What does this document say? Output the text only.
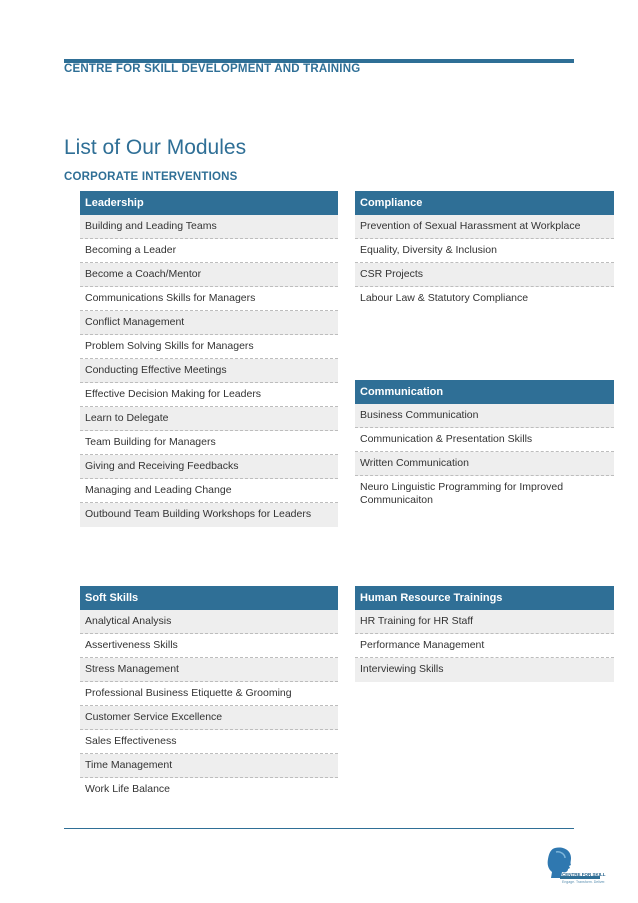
CENTRE FOR SKILL DEVELOPMENT AND TRAINING
List of Our Modules
CORPORATE INTERVENTIONS
Leadership
Building and Leading Teams
Becoming a Leader
Become a Coach/Mentor
Communications Skills for Managers
Conflict Management
Problem Solving Skills for Managers
Conducting Effective Meetings
Effective Decision Making for Leaders
Learn to Delegate
Team Building for Managers
Giving and Receiving Feedbacks
Managing and Leading Change
Outbound Team Building Workshops for Leaders
Compliance
Prevention of Sexual Harassment at Workplace
Equality, Diversity & Inclusion
CSR Projects
Labour Law & Statutory Compliance
Communication
Business Communication
Communication & Presentation Skills
Written Communication
Neuro Linguistic Programming for Improved Communicaiton
Soft Skills
Analytical Analysis
Assertiveness Skills
Stress Management
Professional Business Etiquette & Grooming
Customer Service Excellence
Sales Effectiveness
Time Management
Work Life Balance
Human Resource Trainings
HR Training for HR Staff
Performance Management
Interviewing Skills
CENTRE FOR SKILL
Engage. Transform. Deliver.
